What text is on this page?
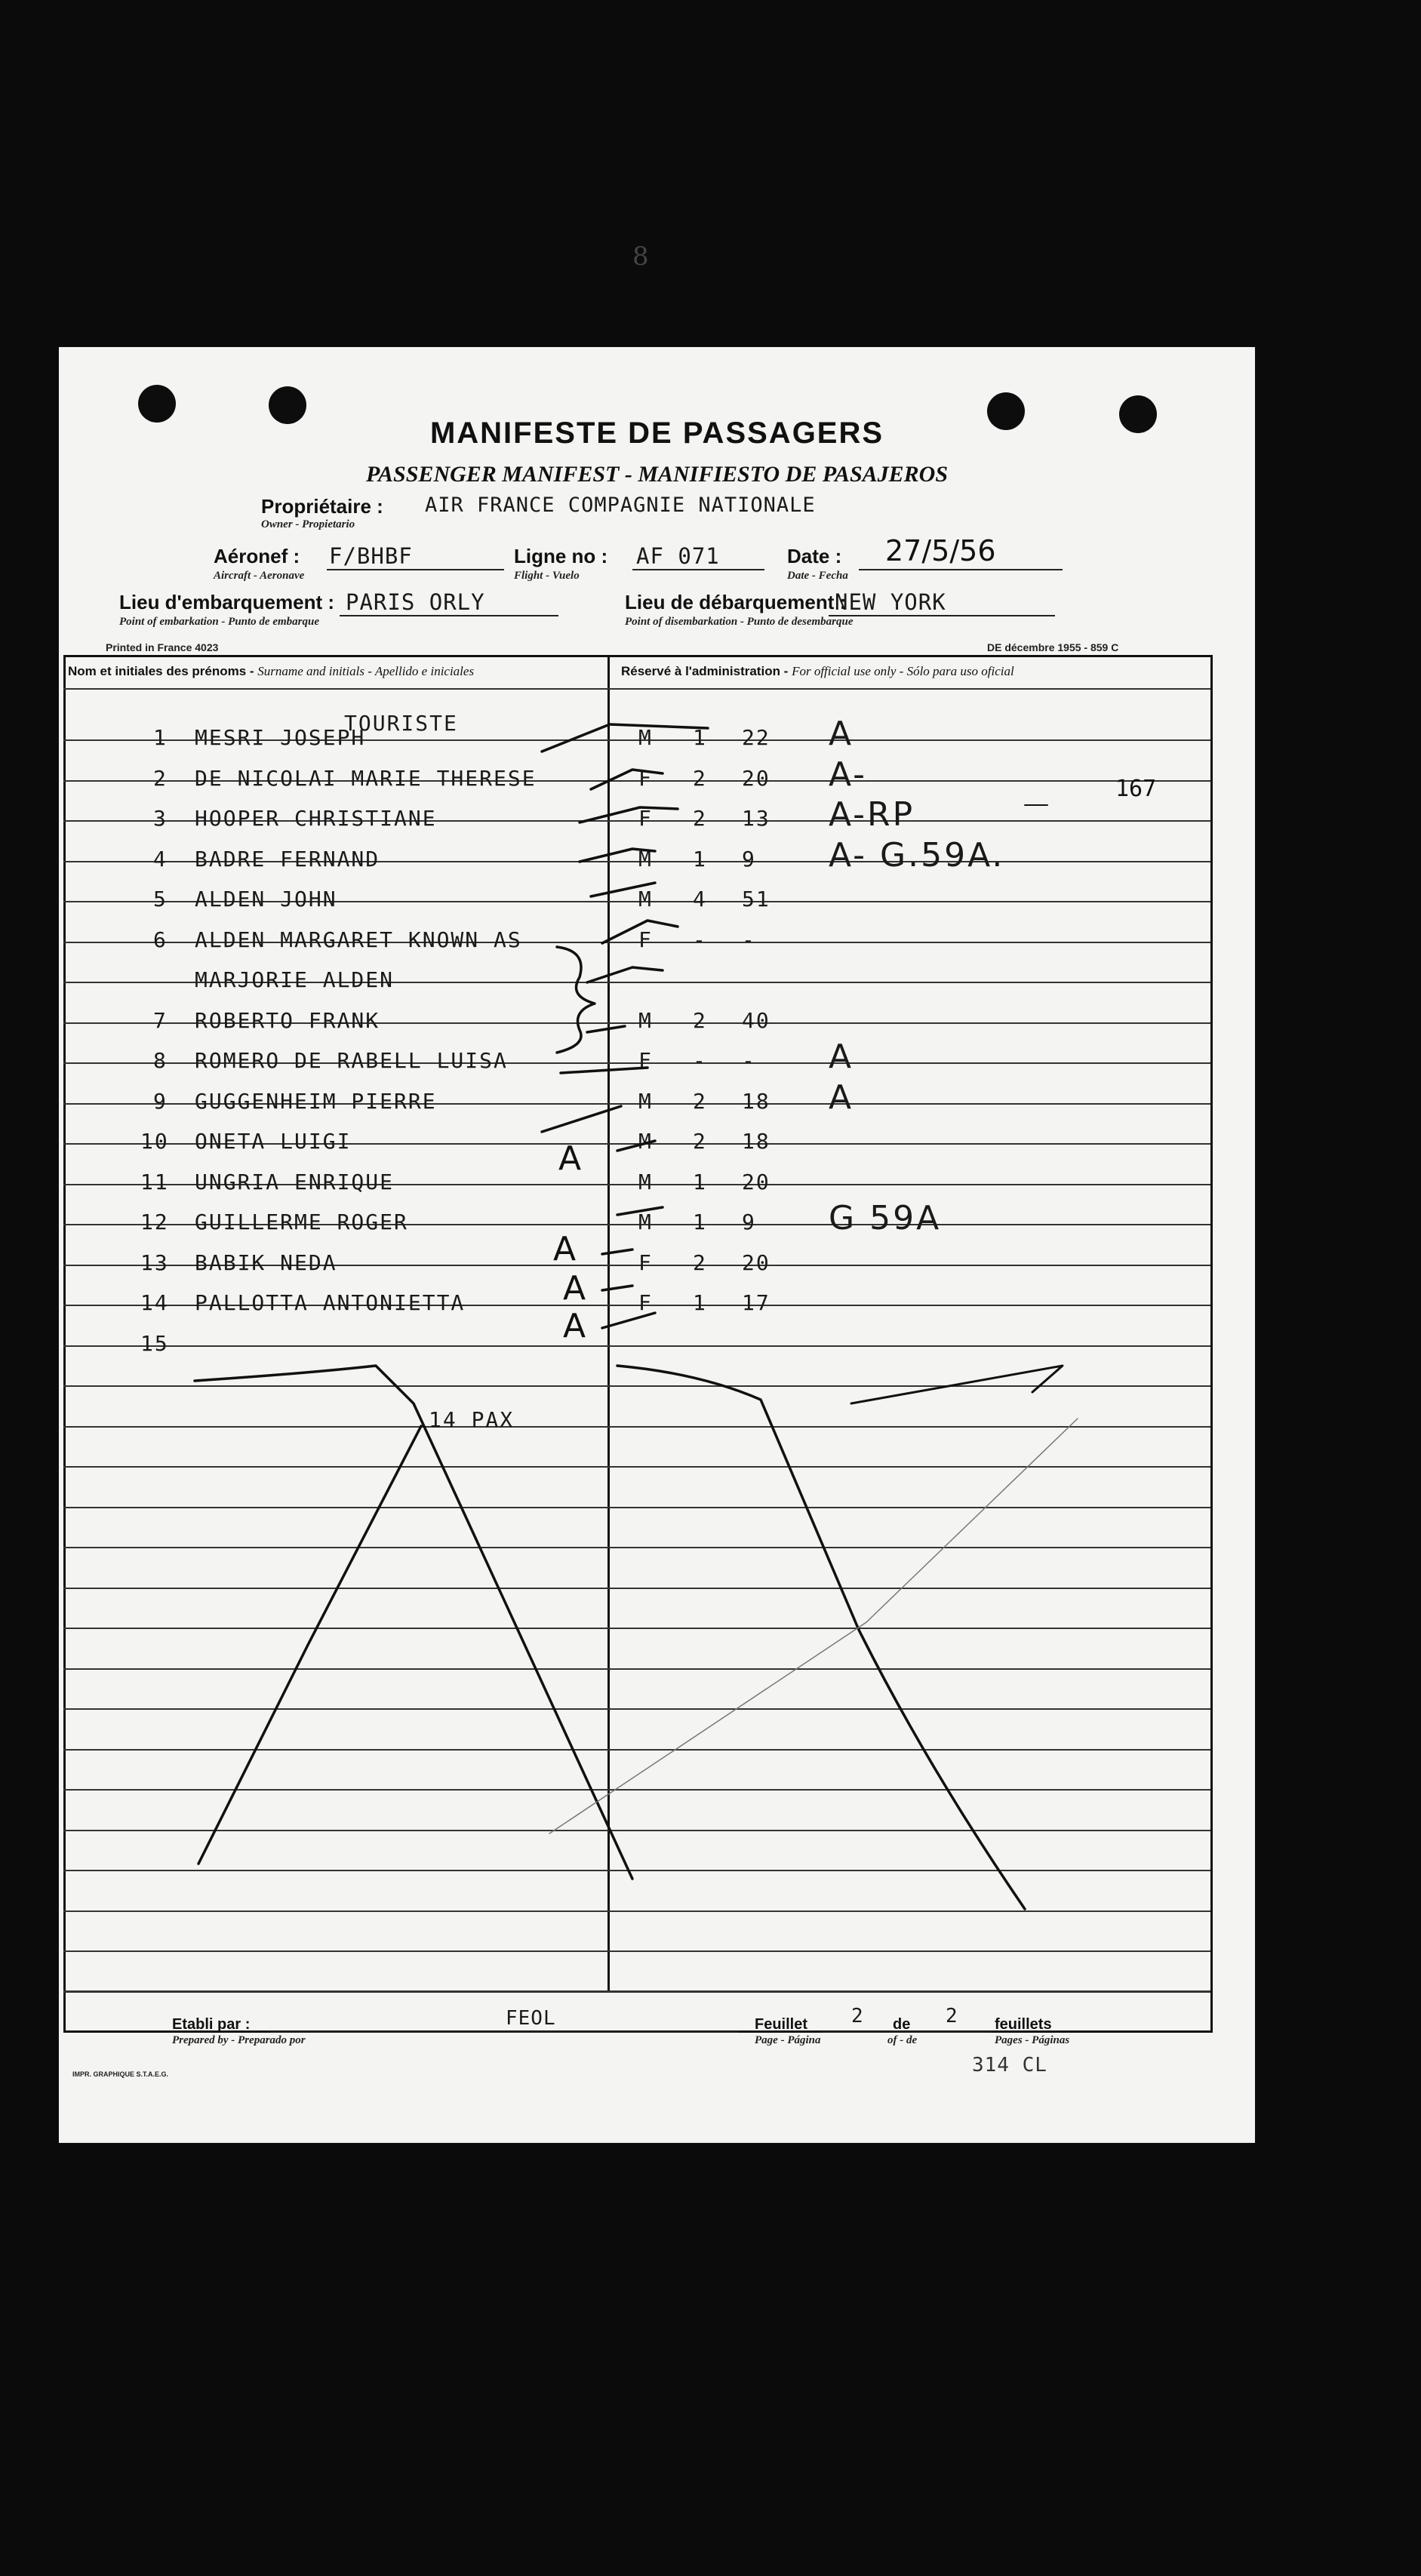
8
MANIFESTE DE PASSAGERS
PASSENGER MANIFEST - MANIFIESTO DE PASAJEROS
Propriétaire : AIR FRANCE COMPAGNIE NATIONALE
Owner - Propietario
Aéronef : F/BHBF
Aircraft - Aeronave
Ligne no : AF 071
Flight - Vuelo
Date : 27/5/56
Date - Fecha
Lieu d'embarquement : PARIS ORLY
Point of embarkation - Punto de embarque
Lieu de débarquement :
NEW YORK
Point of disembarkation - Punto de desembarque
Printed in France 4023	DE décembre 1955 - 859 C
Nom et initiales des prénoms - Surname and initials - Apellido e iniciales	Réservé à l'administration - For official use only - Sólo para uso oficial
TOURISTE
1 MESRI JOSEPH	M 1 22 A
2 DE NICOLAI MARIE THERESE	F 2 20 A-
3 HOOPER CHRISTIANE	F 2 13 A-RP
4 BADRE FERNAND	M 1 9 A- G.59A.
5 ALDEN JOHN	M 4 51
6 ALDEN MARGARET KNOWN AS	F - -
MARJORIE ALDEN
7 ROBERTO FRANK	M 2 40
8 ROMERO DE RABELL LUISA	F - - A
9 GUGGENHEIM PIERRE	M 2 18 A
10 ONETA LUIGI	M 2 18
11 UNGRIA ENRIQUE	M 1 20
12 GUILLERME ROGER	M 1 9 G 59A
13 BABIK NEDA	F 2 20
14 PALLOTTA ANTONIETTA	F 1 17
15
167
14 PAX
Etabli par :
Prepared by - Preparado por
FEOL	Feuillet 2 de 2 feuillets
Page - Página	of - de	Pages - Páginas
IMPR. GRAPHIQUE S.T.A.E.G.	314 CL
A
A
A
A
